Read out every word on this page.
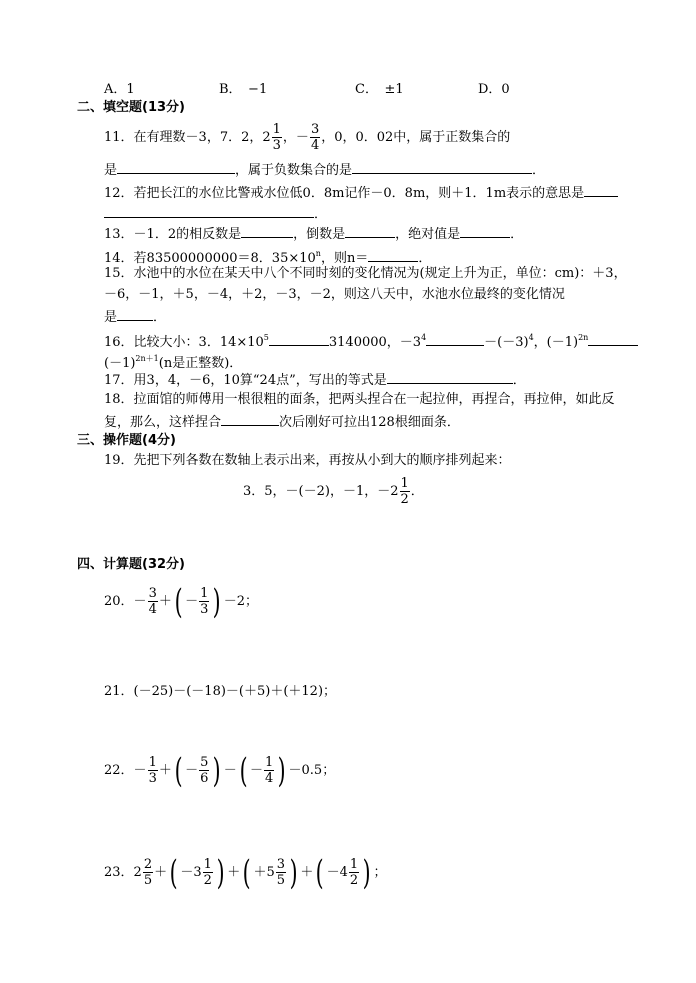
A．1	B．　−1	C．　±1	D．0
二、填空题(13分)
11．在有理数－3，7．2，$2 \frac{1}{3}$ ，－ $\frac{3}{4}$ ，0，0．02中，属于正数集合的
是	，属于负数集合的是	．
12．若把长江的水位比警戒水位低0．8m记作－0．8m，则＋1．1m表示的意思是
．
13．－1．2的相反数是	，倒数是	，绝对值是	．
14．若83500000000＝8．$35\times 10^n$，则n＝	．
15．水池中的水位在某天中八个不同时刻的变化情况为(规定上升为正，单位：cm)：＋3，
－6，－1，＋5，－4，＋2，－3，－2，则这八天中，水池水位最终的变化情况
是	．
16．比较大小：3．$14\times 10^5$	3140000，$-3^4$	$-(-3)^4$，$(-1)^{2n}$
$(-1)^{2n+1}(n$是正整数)．
17．用3，4，－6，10算“24点”，写出的等式是	．
18．拉面馆的师傅用一根很粗的面条，把两头捏合在一起拉伸，再捏合，再拉伸，如此反
复，那么，这样捏合	次后刚好可拉出128根细面条．
三、操作题(4分)
19．先把下列各数在数轴上表示出来，再按从小到大的顺序排列起来：
3．5，－(－2)，－1，$-2 \frac{1}{2}$ ．
四、计算题(32分)
20．－ $\frac{3}{4}$ ＋( － $\frac{1}{3}$ ) －2；
21．(－25)－(－18)－(＋5)＋(＋12)；
22．－ $\frac{1}{3}$ ＋( － $\frac{5}{6}$ ) －( － $\frac{1}{4}$ ) －0.5；
23．$2 \frac{2}{5}$ ＋( $-3 \frac{1}{2}$ ) ＋( $+5 \frac{3}{5}$ ) ＋( $-4 \frac{1}{2}$ ) ；
